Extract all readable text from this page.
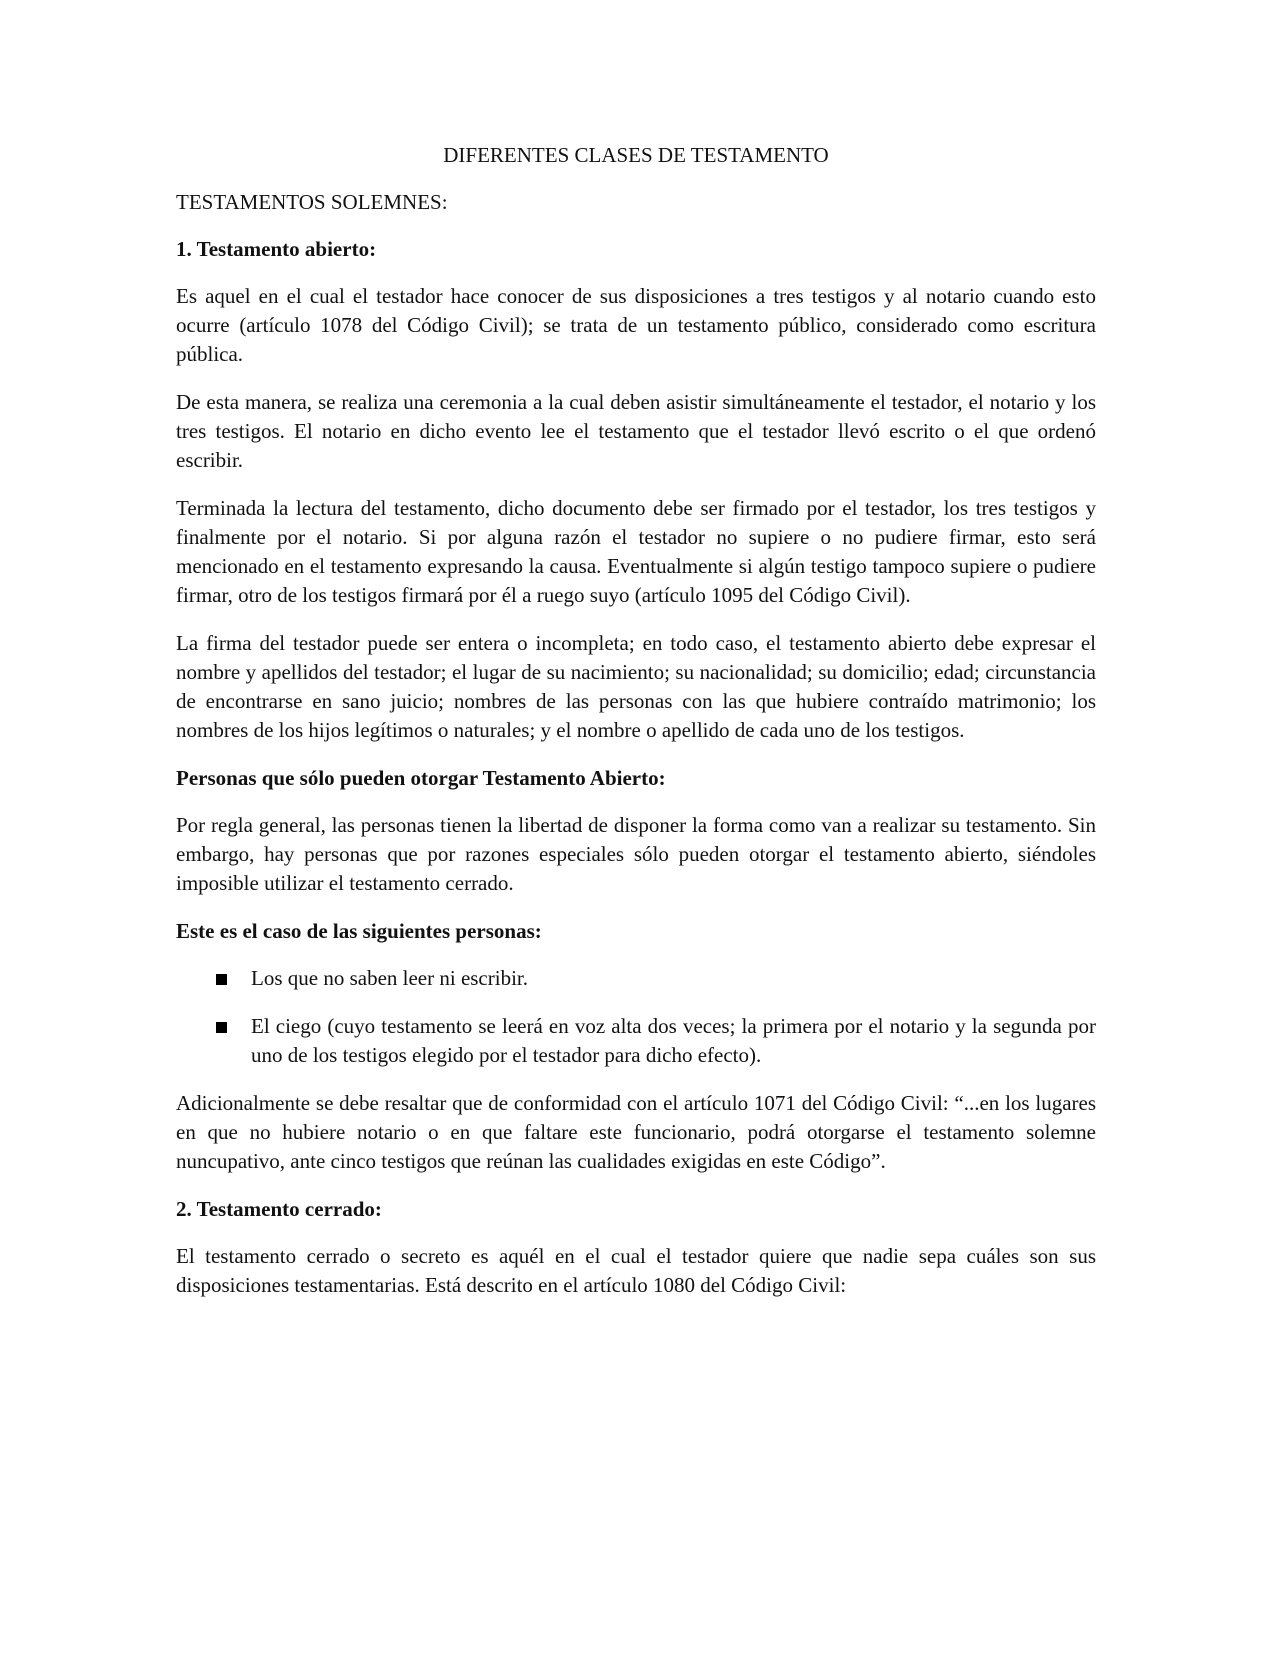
DIFERENTES CLASES DE TESTAMENTO
TESTAMENTOS SOLEMNES:
1. Testamento abierto:

Es aquel en el cual el testador hace conocer de sus disposiciones a tres testigos y al notario cuando esto ocurre (artículo 1078 del Código Civil); se trata de un testamento público, considerado como escritura pública.

De esta manera, se realiza una ceremonia a la cual deben asistir simultáneamente el testador, el notario y los tres testigos. El notario en dicho evento lee el testamento que el testador llevó escrito o el que ordenó escribir.

Terminada la lectura del testamento, dicho documento debe ser firmado por el testador, los tres testigos y finalmente por el notario. Si por alguna razón el testador no supiere o no pudiere firmar, esto será mencionado en el testamento expresando la causa. Eventualmente si algún testigo tampoco supiere o pudiere firmar, otro de los testigos firmará por él a ruego suyo (artículo 1095 del Código Civil).

La firma del testador puede ser entera o incompleta; en todo caso, el testamento abierto debe expresar el nombre y apellidos del testador; el lugar de su nacimiento; su nacionalidad; su domicilio; edad; circunstancia de encontrarse en sano juicio; nombres de las personas con las que hubiere contraído matrimonio; los nombres de los hijos legítimos o naturales; y el nombre o apellido de cada uno de los testigos.

Personas que sólo pueden otorgar Testamento Abierto:

Por regla general, las personas tienen la libertad de disponer la forma como van a realizar su testamento. Sin embargo, hay personas que por razones especiales sólo pueden otorgar el testamento abierto, siéndoles imposible utilizar el testamento cerrado.

Este es el caso de las siguientes personas:
Los que no saben leer ni escribir.
El ciego (cuyo testamento se leerá en voz alta dos veces; la primera por el notario y la segunda por uno de los testigos elegido por el testador para dicho efecto).

Adicionalmente se debe resaltar que de conformidad con el artículo 1071 del Código Civil: “...en los lugares en que no hubiere notario o en que faltare este funcionario, podrá otorgarse el testamento solemne nuncupativo, ante cinco testigos que reúnan las cualidades exigidas en este Código”.

2. Testamento cerrado:

El testamento cerrado o secreto es aquél en el cual el testador quiere que nadie sepa cuáles son sus disposiciones testamentarias. Está descrito en el artículo 1080 del Código Civil:
